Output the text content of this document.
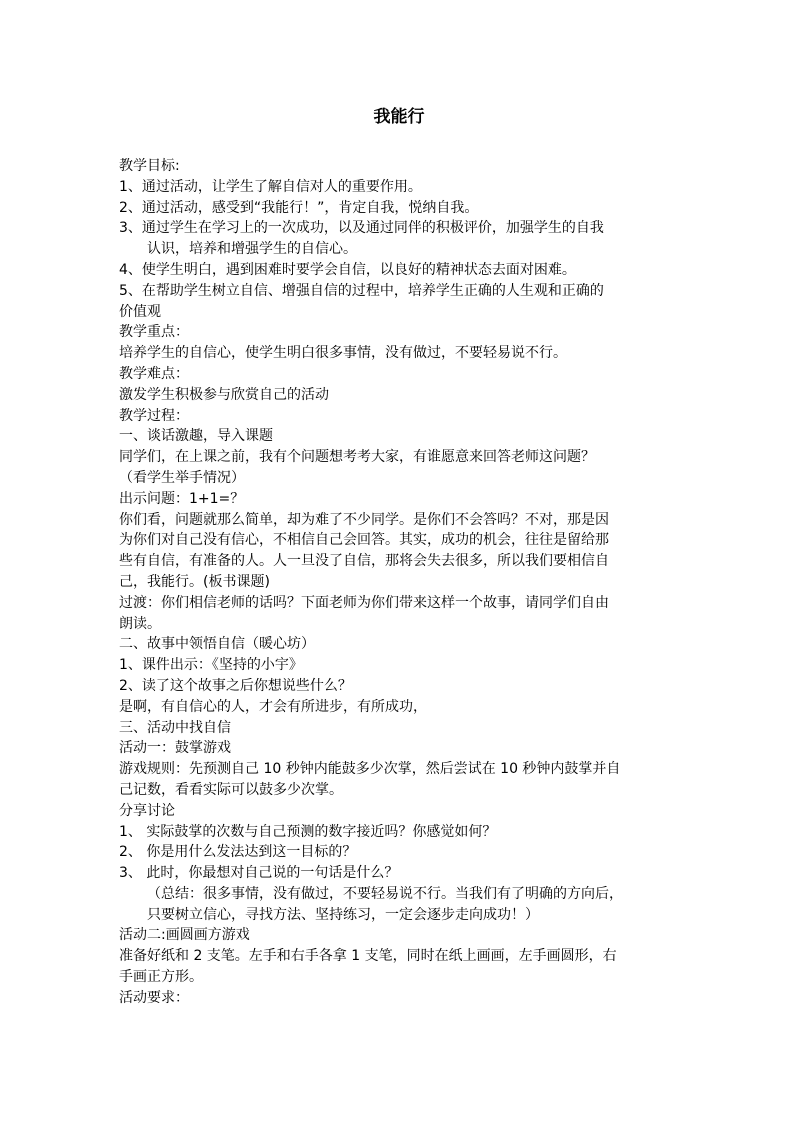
我能行

教学目标:

1、通过活动，让学生了解自信对人的重要作用。

2、通过活动，感受到“我能行！”，肯定自我，悦纳自我。

3、通过学生在学习上的一次成功，以及通过同伴的积极评价，加强学生的自我

认识，培养和增强学生的自信心。

4、使学生明白，遇到困难时要学会自信，以良好的精神状态去面对困难。

5、在帮助学生树立自信、增强自信的过程中，培养学生正确的人生观和正确的

价值观

教学重点：

培养学生的自信心，使学生明白很多事情，没有做过，不要轻易说不行。

教学难点：

激发学生积极参与欣赏自己的活动

教学过程：

一、谈话激趣，导入课题

同学们，在上课之前，我有个问题想考考大家，有谁愿意来回答老师这问题？

（看学生举手情况）

出示问题：1+1=？

你们看，问题就那么简单，却为难了不少同学。是你们不会答吗？不对，那是因

为你们对自己没有信心，不相信自己会回答。其实，成功的机会，往往是留给那

些有自信，有准备的人。人一旦没了自信，那将会失去很多，所以我们要相信自

己，我能行。(板书课题)

过渡：你们相信老师的话吗？下面老师为你们带来这样一个故事，请同学们自由

朗读。

二、故事中领悟自信（暖心坊）

1、课件出示：《坚持的小宇》

2、读了这个故事之后你想说些什么？

是啊，有自信心的人，才会有所进步，有所成功，

三、活动中找自信

活动一：鼓掌游戏

游戏规则：先预测自己 10 秒钟内能鼓多少次掌，然后尝试在 10 秒钟内鼓掌并自

己记数，看看实际可以鼓多少次掌。

分享讨论

1、 实际鼓掌的次数与自己预测的数字接近吗？你感觉如何？

2、 你是用什么发法达到这一目标的？

3、 此时，你最想对自己说的一句话是什么？

（总结：很多事情，没有做过，不要轻易说不行。当我们有了明确的方向后，

只要树立信心，寻找方法、坚持练习，一定会逐步走向成功！）

活动二:画圆画方游戏

准备好纸和 2 支笔。左手和右手各拿 1 支笔，同时在纸上画画，左手画圆形，右

手画正方形。

活动要求：
